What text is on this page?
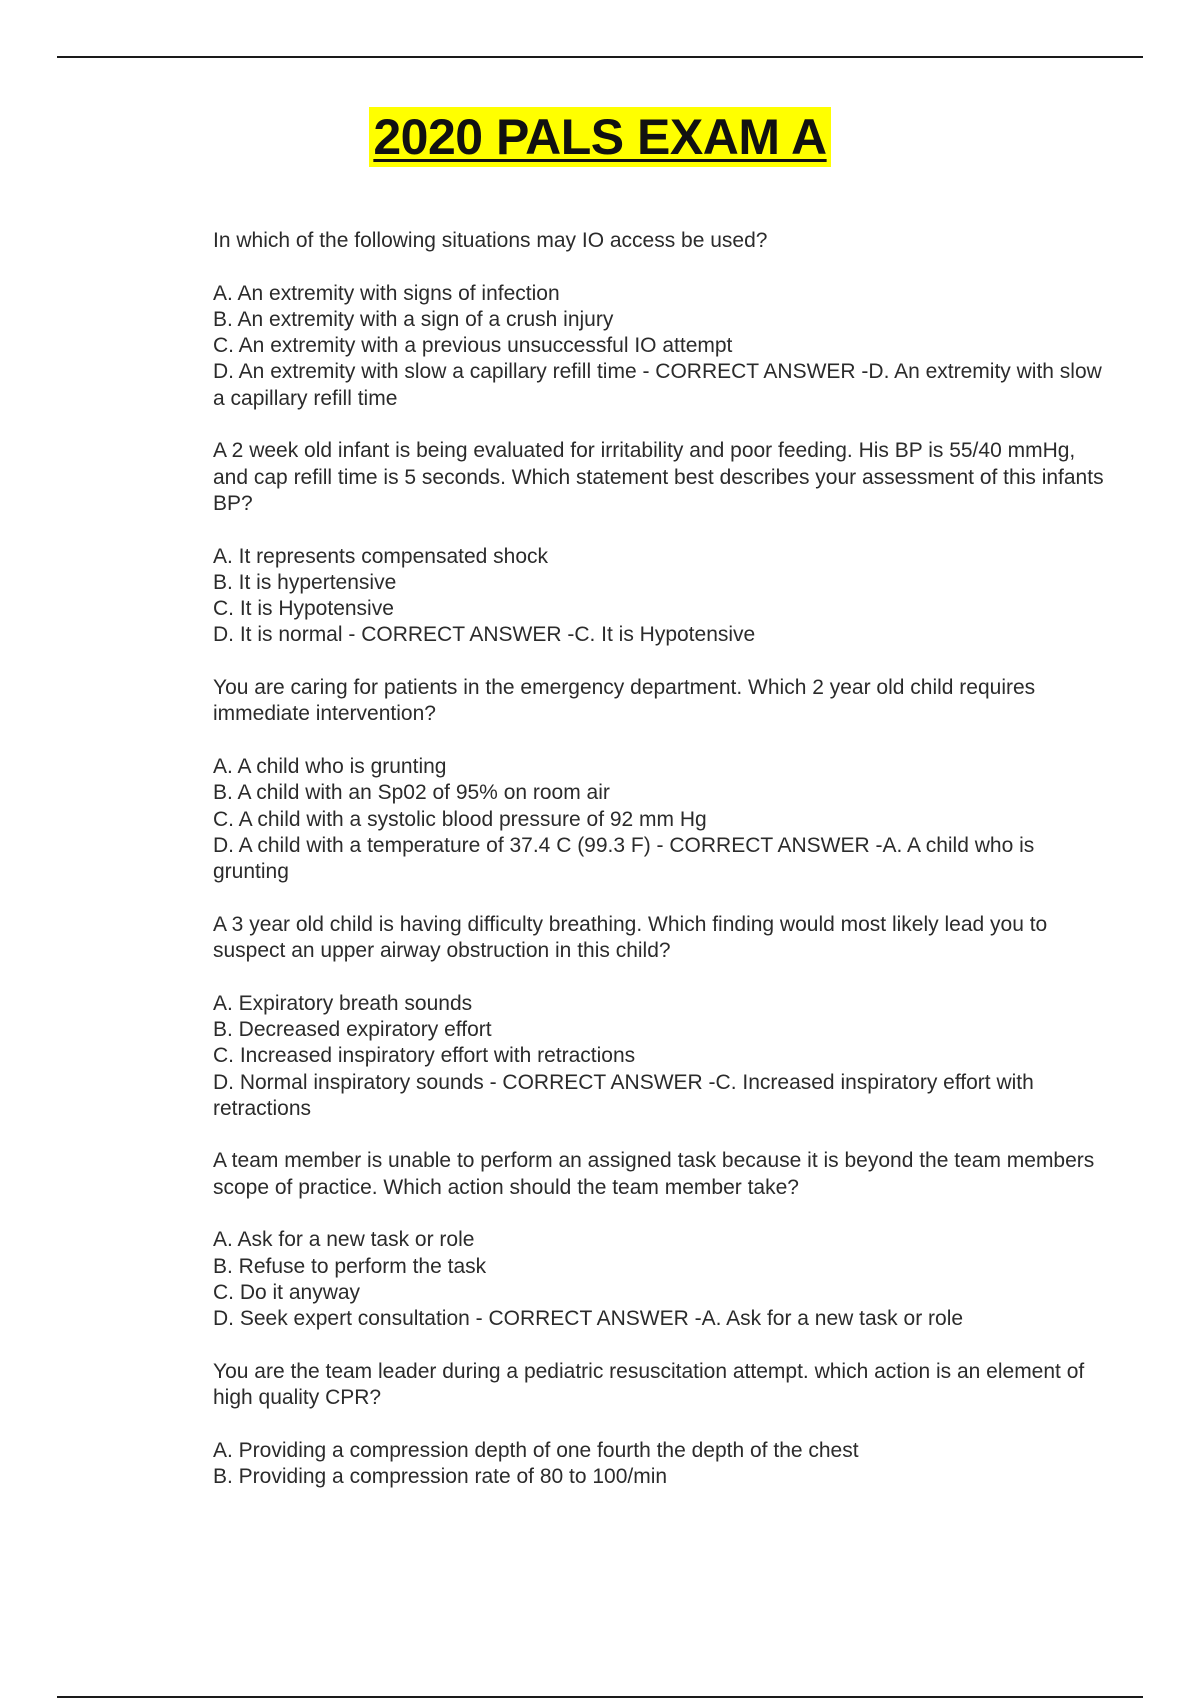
2020 PALS EXAM A
In which of the following situations may IO access be used?
A. An extremity with signs of infection
B. An extremity with a sign of a crush injury
C. An extremity with a previous unsuccessful IO attempt
D. An extremity with slow a capillary refill time - CORRECT ANSWER -D. An extremity with slow a capillary refill time
A 2 week old infant is being evaluated for irritability and poor feeding. His BP is 55/40 mmHg, and cap refill time is 5 seconds. Which statement best describes your assessment of this infants BP?
A. It represents compensated shock
B. It is hypertensive
C. It is Hypotensive
D. It is normal - CORRECT ANSWER -C. It is Hypotensive
You are caring for patients in the emergency department. Which 2 year old child requires immediate intervention?
A. A child who is grunting
B. A child with an Sp02 of 95% on room air
C. A child with a systolic blood pressure of 92 mm Hg
D. A child with a temperature of 37.4 C (99.3 F) - CORRECT ANSWER -A. A child who is grunting
A 3 year old child is having difficulty breathing. Which finding would most likely lead you to suspect an upper airway obstruction in this child?
A. Expiratory breath sounds
B. Decreased expiratory effort
C. Increased inspiratory effort with retractions
D. Normal inspiratory sounds - CORRECT ANSWER -C. Increased inspiratory effort with retractions
A team member is unable to perform an assigned task because it is beyond the team members scope of practice. Which action should the team member take?
A. Ask for a new task or role
B. Refuse to perform the task
C. Do it anyway
D. Seek expert consultation - CORRECT ANSWER -A. Ask for a new task or role
You are the team leader during a pediatric resuscitation attempt. which action is an element of high quality CPR?
A. Providing a compression depth of one fourth the depth of the chest
B. Providing a compression rate of 80 to 100/min
